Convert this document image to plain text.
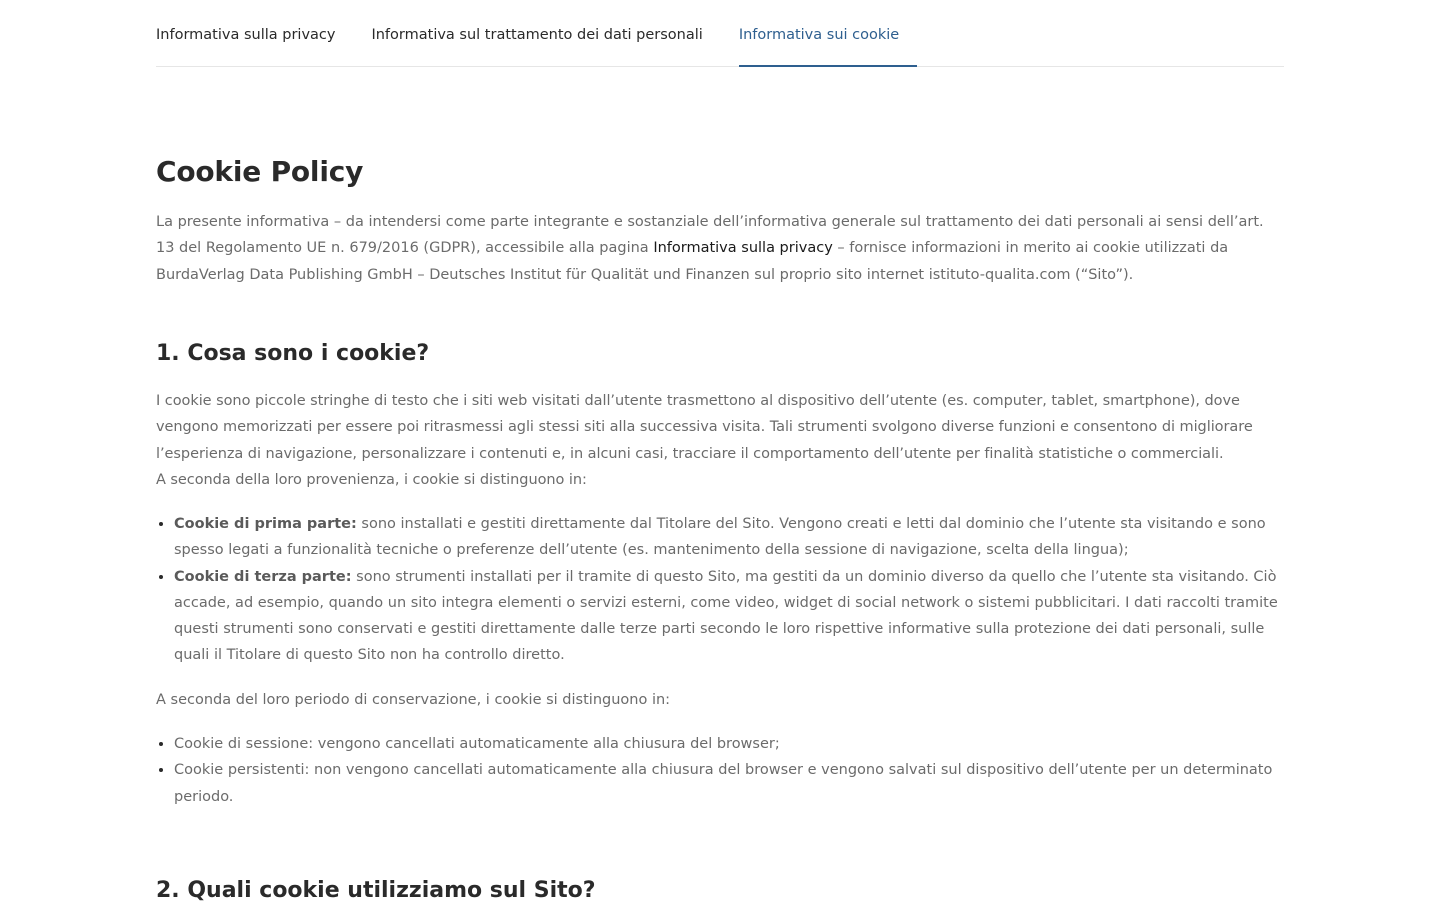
Informativa sulla privacy Informativa sul trattamento dei dati personali Informativa sui cookie
Cookie Policy

La presente informativa – da intendersi come parte integrante e sostanziale dell’informativa generale sul trattamento dei dati personali ai sensi dell’art. 13 del Regolamento UE n. 679/2016 (GDPR), accessibile alla pagina Informativa sulla privacy – fornisce informazioni in merito ai cookie utilizzati da BurdaVerlag Data Publishing GmbH – Deutsches Institut für Qualität und Finanzen sul proprio sito internet istituto-qualita.com (“Sito”).

1. Cosa sono i cookie?

I cookie sono piccole stringhe di testo che i siti web visitati dall’utente trasmettono al dispositivo dell’utente (es. computer, tablet, smartphone), dove vengono memorizzati per essere poi ritrasmessi agli stessi siti alla successiva visita. Tali strumenti svolgono diverse funzioni e consentono di migliorare l’esperienza di navigazione, personalizzare i contenuti e, in alcuni casi, tracciare il comportamento dell’utente per finalità statistiche o commerciali.

A seconda della loro provenienza, i cookie si distinguono in:

• Cookie di prima parte: sono installati e gestiti direttamente dal Titolare del Sito. Vengono creati e letti dal dominio che l’utente sta visitando e sono spesso legati a funzionalità tecniche o preferenze dell’utente (es. mantenimento della sessione di navigazione, scelta della lingua);
• Cookie di terza parte: sono strumenti installati per il tramite di questo Sito, ma gestiti da un dominio diverso da quello che l’utente sta visitando. Ciò accade, ad esempio, quando un sito integra elementi o servizi esterni, come video, widget di social network o sistemi pubblicitari. I dati raccolti tramite questi strumenti sono conservati e gestiti direttamente dalle terze parti secondo le loro rispettive informative sulla protezione dei dati personali, sulle quali il Titolare di questo Sito non ha controllo diretto.

A seconda del loro periodo di conservazione, i cookie si distinguono in:

• Cookie di sessione: vengono cancellati automaticamente alla chiusura del browser;
• Cookie persistenti: non vengono cancellati automaticamente alla chiusura del browser e vengono salvati sul dispositivo dell’utente per un determinato periodo.
2. Quali cookie utilizziamo sul Sito?
